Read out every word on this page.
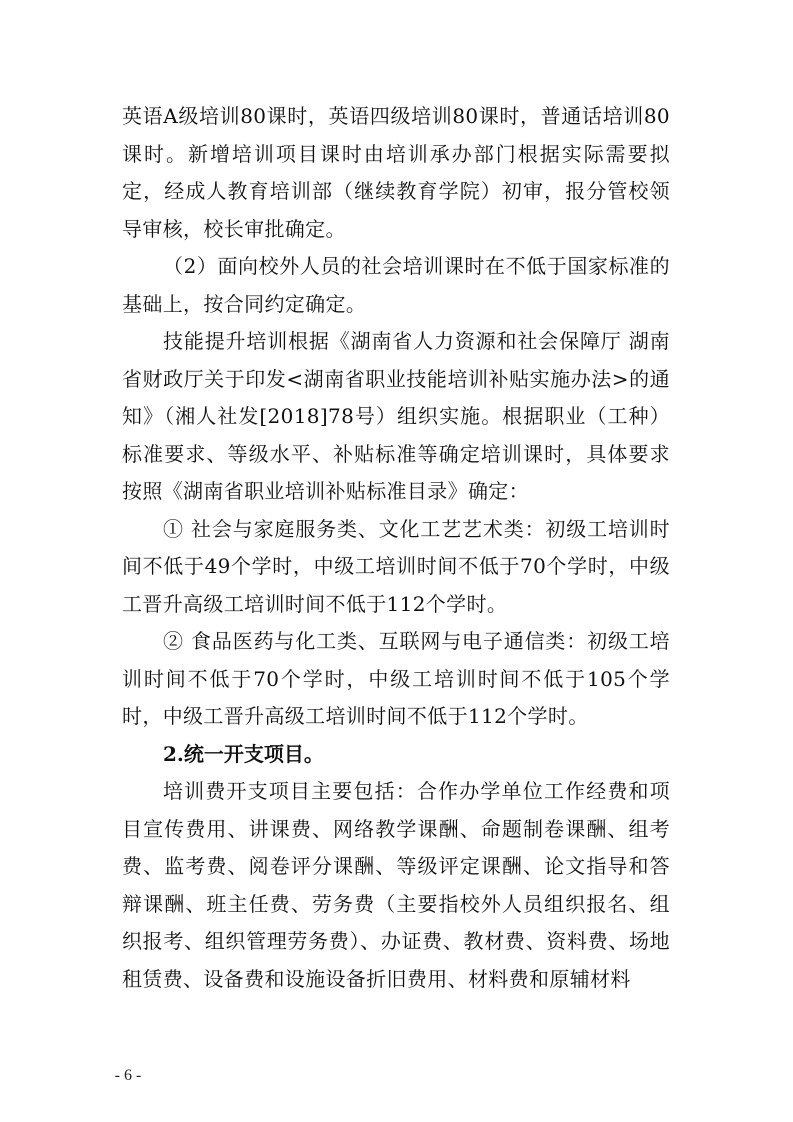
英语A级培训80课时，英语四级培训80课时，普通话培训80课时。新增培训项目课时由培训承办部门根据实际需要拟定，经成人教育培训部（继续教育学院）初审，报分管校领导审核，校长审批确定。

（2）面向校外人员的社会培训课时在不低于国家标准的基础上，按合同约定确定。

技能提升培训根据《湖南省人力资源和社会保障厅 湖南省财政厅关于印发<湖南省职业技能培训补贴实施办法>的通知》（湘人社发[2018]78号）组织实施。根据职业（工种）标准要求、等级水平、补贴标准等确定培训课时，具体要求按照《湖南省职业培训补贴标准目录》确定：

① 社会与家庭服务类、文化工艺艺术类：初级工培训时间不低于49个学时，中级工培训时间不低于70个学时，中级工晋升高级工培训时间不低于112个学时。

② 食品医药与化工类、互联网与电子通信类：初级工培训时间不低于70个学时，中级工培训时间不低于105个学时，中级工晋升高级工培训时间不低于112个学时。

2.统一开支项目。

培训费开支项目主要包括：合作办学单位工作经费和项目宣传费用、讲课费、网络教学课酬、命题制卷课酬、组考费、监考费、阅卷评分课酬、等级评定课酬、论文指导和答辩课酬、班主任费、劳务费（主要指校外人员组织报名、组织报考、组织管理劳务费）、办证费、教材费、资料费、场地租赁费、设备费和设施设备折旧费用、材料费和原辅材料

- 6 -
